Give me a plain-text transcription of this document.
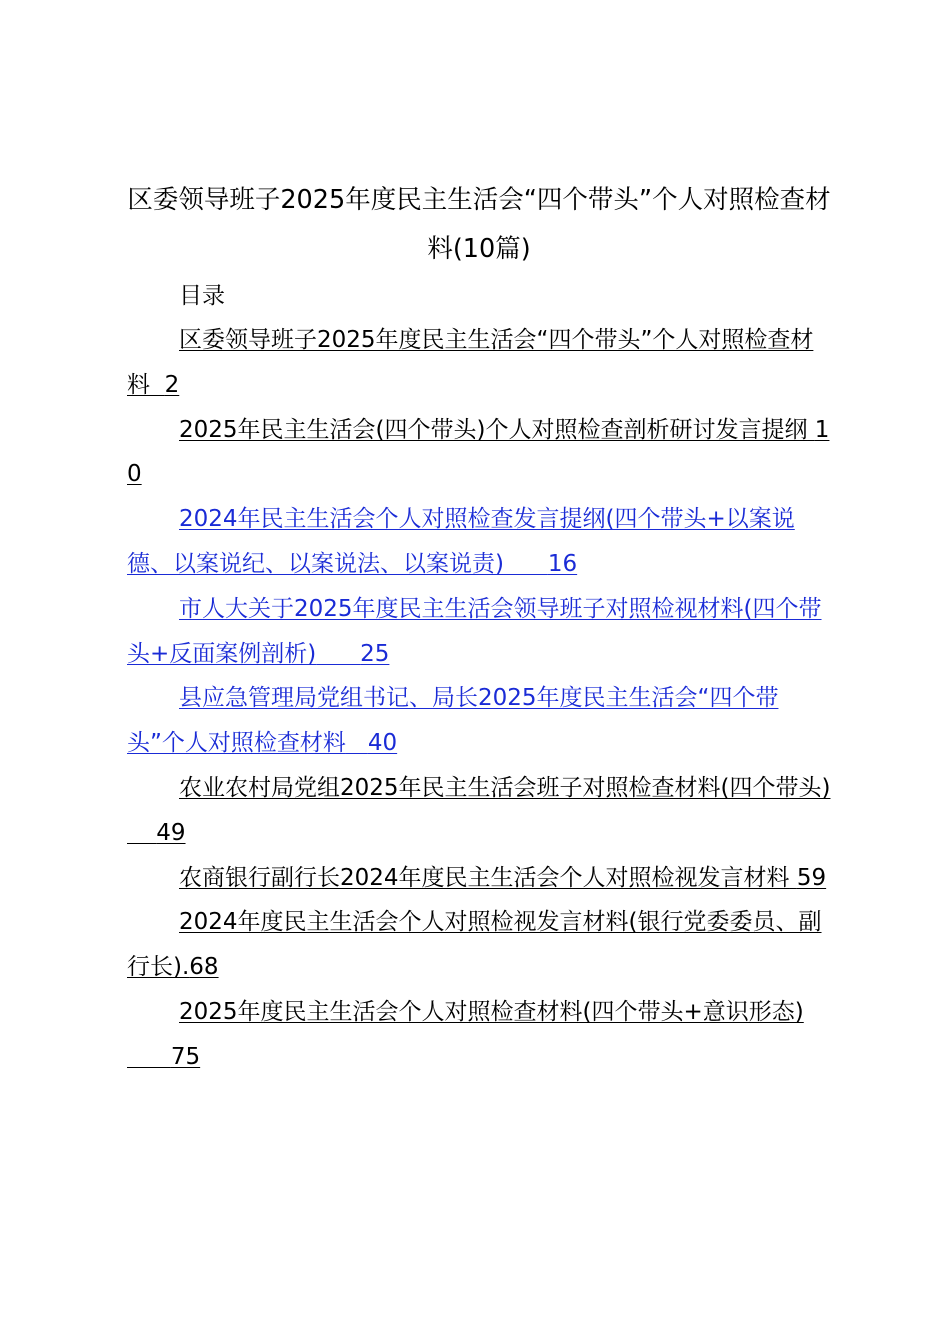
区委领导班子2025年度民主生活会“四个带头”个人对照检查材料(10篇)
目录
区委领导班子2025年度民主生活会“四个带头”个人对照检查材料 2
2025年民主生活会(四个带头)个人对照检查剖析研讨发言提纲 10
2024年民主生活会个人对照检查发言提纲(四个带头+以案说德、以案说纪、以案说法、以案说责) 16
市人大关于2025年度民主生活会领导班子对照检视材料(四个带头+反面案例剖析) 25
县应急管理局党组书记、局长2025年度民主生活会“四个带头”个人对照检查材料 40
农业农村局党组2025年民主生活会班子对照检查材料(四个带头)    49
农商银行副行长2024年度民主生活会个人对照检视发言材料 59
2024年度民主生活会个人对照检视发言材料(银行党委委员、副行长).68
2025年度民主生活会个人对照检查材料(四个带头+意识形态)      75
